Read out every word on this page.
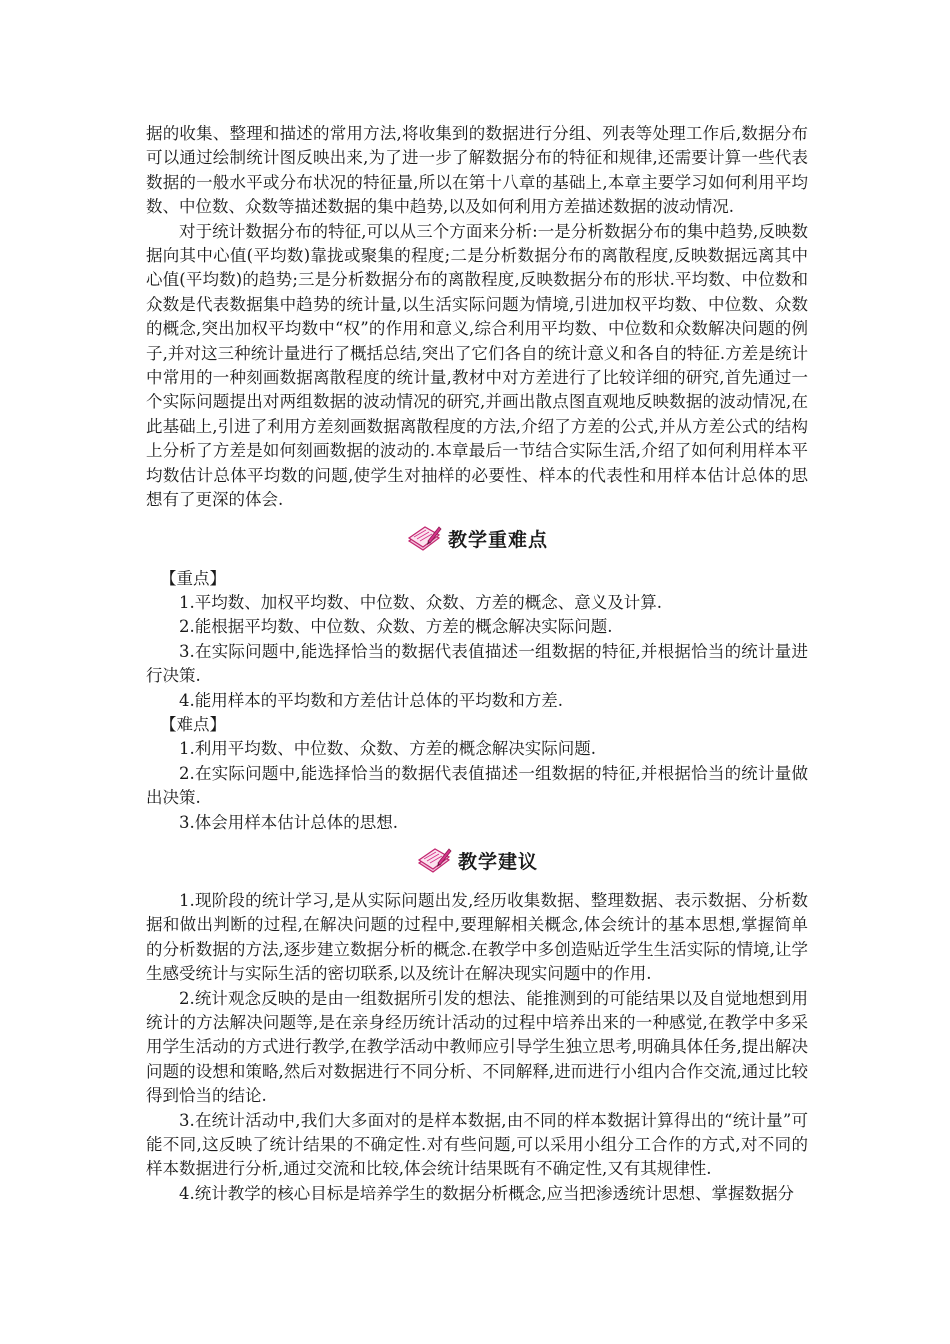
据的收集、整理和描述的常用方法,将收集到的数据进行分组、列表等处理工作后,数据分布可以通过绘制统计图反映出来,为了进一步了解数据分布的特征和规律,还需要计算一些代表数据的一般水平或分布状况的特征量,所以在第十八章的基础上,本章主要学习如何利用平均数、中位数、众数等描述数据的集中趋势,以及如何利用方差描述数据的波动情况.

对于统计数据分布的特征,可以从三个方面来分析:一是分析数据分布的集中趋势,反映数据向其中心值(平均数)靠拢或聚集的程度;二是分析数据分布的离散程度,反映数据远离其中心值(平均数)的趋势;三是分析数据分布的离散程度,反映数据分布的形状.平均数、中位数和众数是代表数据集中趋势的统计量,以生活实际问题为情境,引进加权平均数、中位数、众数的概念,突出加权平均数中“权”的作用和意义,综合利用平均数、中位数和众数解决问题的例子,并对这三种统计量进行了概括总结,突出了它们各自的统计意义和各自的特征.方差是统计中常用的一种刻画数据离散程度的统计量,教材中对方差进行了比较详细的研究,首先通过一个实际问题提出对两组数据的波动情况的研究,并画出散点图直观地反映数据的波动情况,在此基础上,引进了利用方差刻画数据离散程度的方法,介绍了方差的公式,并从方差公式的结构上分析了方差是如何刻画数据的波动的.本章最后一节结合实际生活,介绍了如何利用样本平均数估计总体平均数的问题,使学生对抽样的必要性、样本的代表性和用样本估计总体的思想有了更深的体会.

教学重难点

【重点】

1.平均数、加权平均数、中位数、众数、方差的概念、意义及计算.

2.能根据平均数、中位数、众数、方差的概念解决实际问题.

3.在实际问题中,能选择恰当的数据代表值描述一组数据的特征,并根据恰当的统计量进行决策.

4.能用样本的平均数和方差估计总体的平均数和方差.

【难点】

1.利用平均数、中位数、众数、方差的概念解决实际问题.

2.在实际问题中,能选择恰当的数据代表值描述一组数据的特征,并根据恰当的统计量做出决策.

3.体会用样本估计总体的思想.

教学建议

1.现阶段的统计学习,是从实际问题出发,经历收集数据、整理数据、表示数据、分析数据和做出判断的过程,在解决问题的过程中,要理解相关概念,体会统计的基本思想,掌握简单的分析数据的方法,逐步建立数据分析的概念.在教学中多创造贴近学生生活实际的情境,让学生感受统计与实际生活的密切联系,以及统计在解决现实问题中的作用.

2.统计观念反映的是由一组数据所引发的想法、能推测到的可能结果以及自觉地想到用统计的方法解决问题等,是在亲身经历统计活动的过程中培养出来的一种感觉,在教学中多采用学生活动的方式进行教学,在教学活动中教师应引导学生独立思考,明确具体任务,提出解决问题的设想和策略,然后对数据进行不同分析、不同解释,进而进行小组内合作交流,通过比较得到恰当的结论.

3.在统计活动中,我们大多面对的是样本数据,由不同的样本数据计算得出的“统计量”可能不同,这反映了统计结果的不确定性.对有些问题,可以采用小组分工合作的方式,对不同的样本数据进行分析,通过交流和比较,体会统计结果既有不确定性,又有其规律性.

4.统计教学的核心目标是培养学生的数据分析概念,应当把渗透统计思想、掌握数据分
